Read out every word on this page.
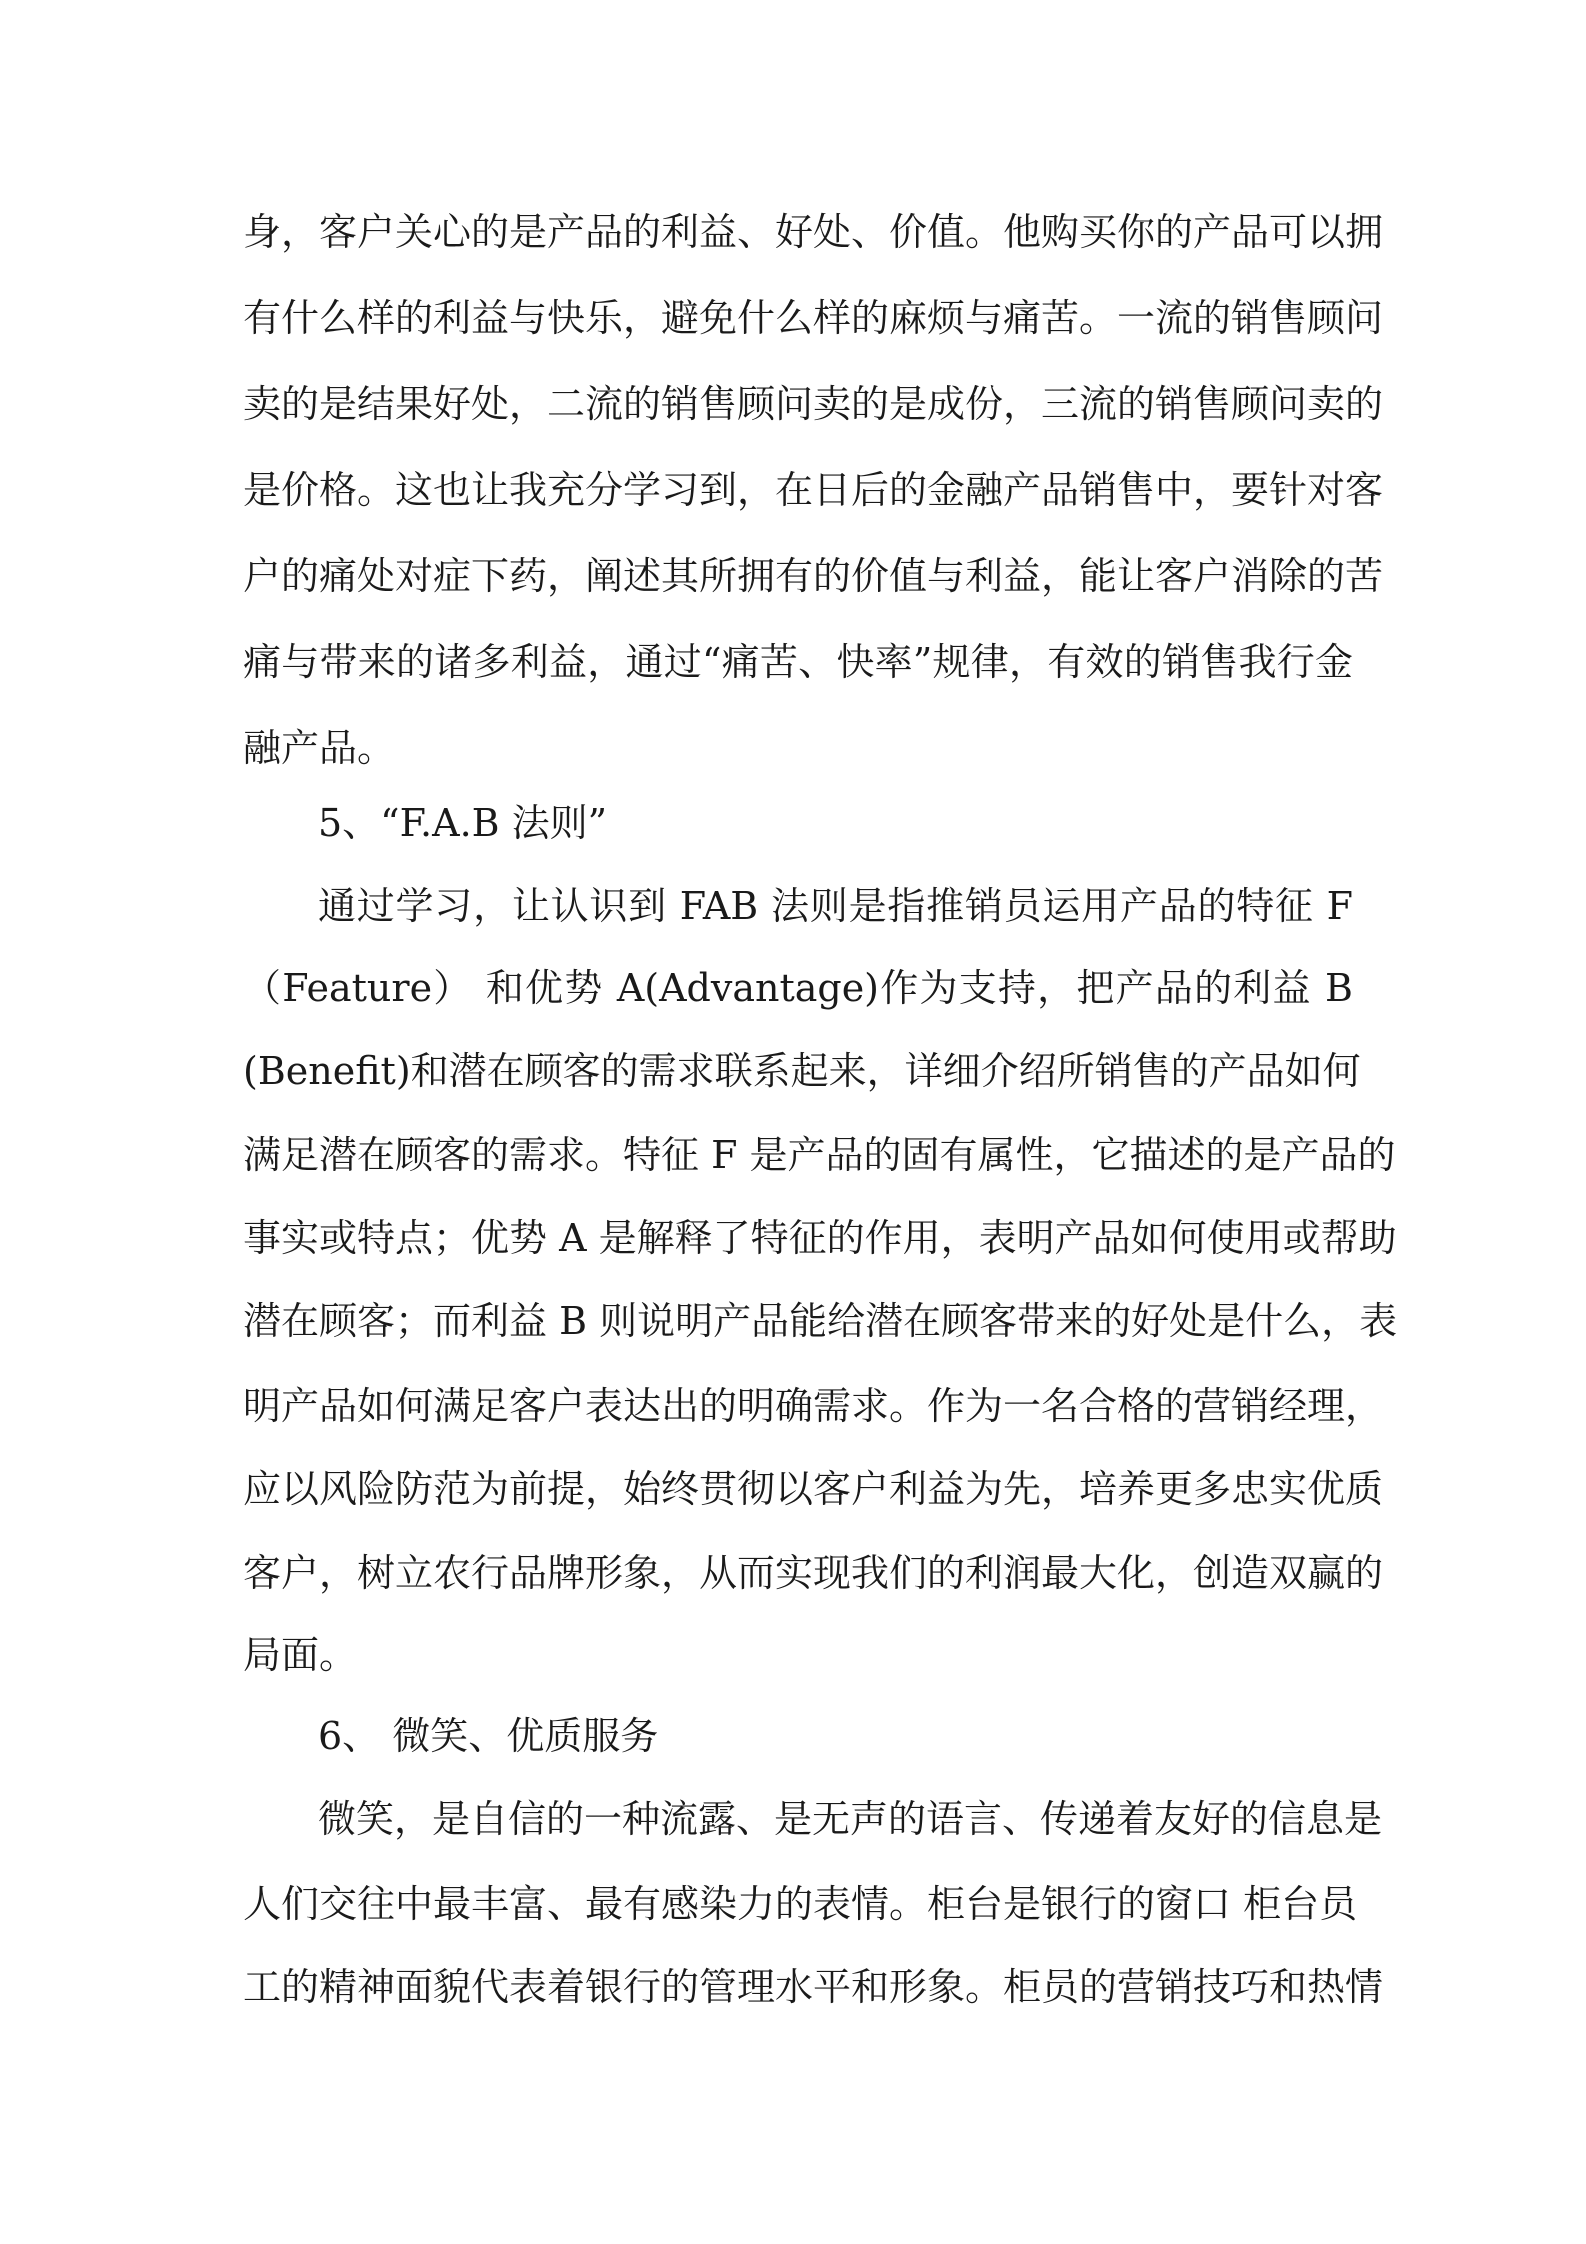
身，客户关心的是产品的利益、好处、价值。他购买你的产品可以拥
有什么样的利益与快乐，避免什么样的麻烦与痛苦。一流的销售顾问
卖的是结果好处，二流的销售顾问卖的是成份，三流的销售顾问卖的
是价格。这也让我充分学习到，在日后的金融产品销售中，要针对客
户的痛处对症下药，阐述其所拥有的价值与利益，能让客户消除的苦
痛与带来的诸多利益，通过“痛苦、快率”规律，有效的销售我行金
融产品。
5、“F.A.B 法则”
通过学习，让认识到 FAB 法则是指推销员运用产品的特征 F
（Feature） 和优势 A(Advantage)作为支持，把产品的利益 B
(Benefit)和潜在顾客的需求联系起来，详细介绍所销售的产品如何
满足潜在顾客的需求。特征 F 是产品的固有属性，它描述的是产品的
事实或特点；优势 A 是解释了特征的作用，表明产品如何使用或帮助
潜在顾客；而利益 B 则说明产品能给潜在顾客带来的好处是什么，表
明产品如何满足客户表达出的明确需求。作为一名合格的营销经理，
应以风险防范为前提，始终贯彻以客户利益为先，培养更多忠实优质
客户，树立农行品牌形象，从而实现我们的利润最大化，创造双赢的
局面。
6、 微笑、优质服务
微笑，是自信的一种流露、是无声的语言、传递着友好的信息是
人们交往中最丰富、最有感染力的表情。柜台是银行的窗口 柜台员
工的精神面貌代表着银行的管理水平和形象。柜员的营销技巧和热情
